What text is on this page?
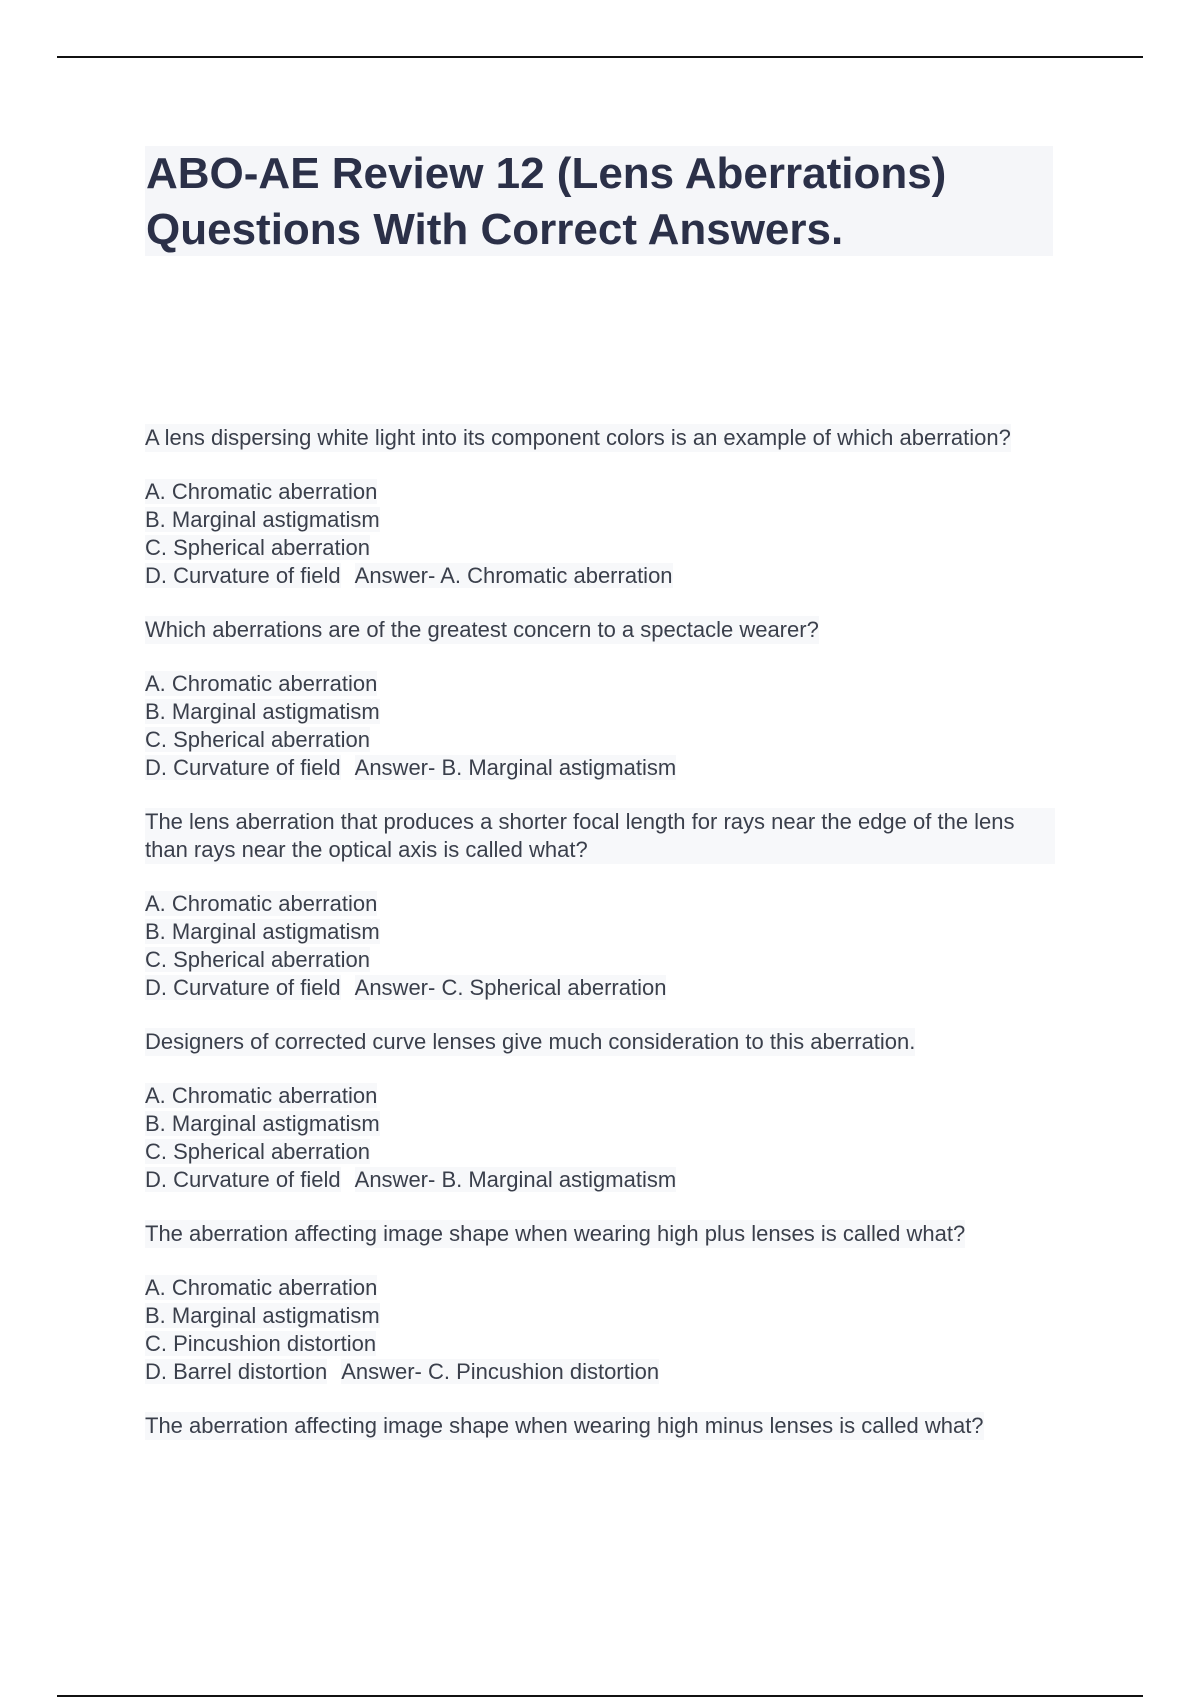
ABO-AE Review 12 (Lens Aberrations)
Questions With Correct Answers.
A lens dispersing white light into its component colors is an example of which aberration?
A. Chromatic aberration
B. Marginal astigmatism
C. Spherical aberration
D. Curvature of field Answer- A. Chromatic aberration
Which aberrations are of the greatest concern to a spectacle wearer?
A. Chromatic aberration
B. Marginal astigmatism
C. Spherical aberration
D. Curvature of field Answer- B. Marginal astigmatism
The lens aberration that produces a shorter focal length for rays near the edge of the lens than rays near the optical axis is called what?
A. Chromatic aberration
B. Marginal astigmatism
C. Spherical aberration
D. Curvature of field Answer- C. Spherical aberration
Designers of corrected curve lenses give much consideration to this aberration.
A. Chromatic aberration
B. Marginal astigmatism
C. Spherical aberration
D. Curvature of field Answer- B. Marginal astigmatism
The aberration affecting image shape when wearing high plus lenses is called what?
A. Chromatic aberration
B. Marginal astigmatism
C. Pincushion distortion
D. Barrel distortion Answer- C. Pincushion distortion
The aberration affecting image shape when wearing high minus lenses is called what?
